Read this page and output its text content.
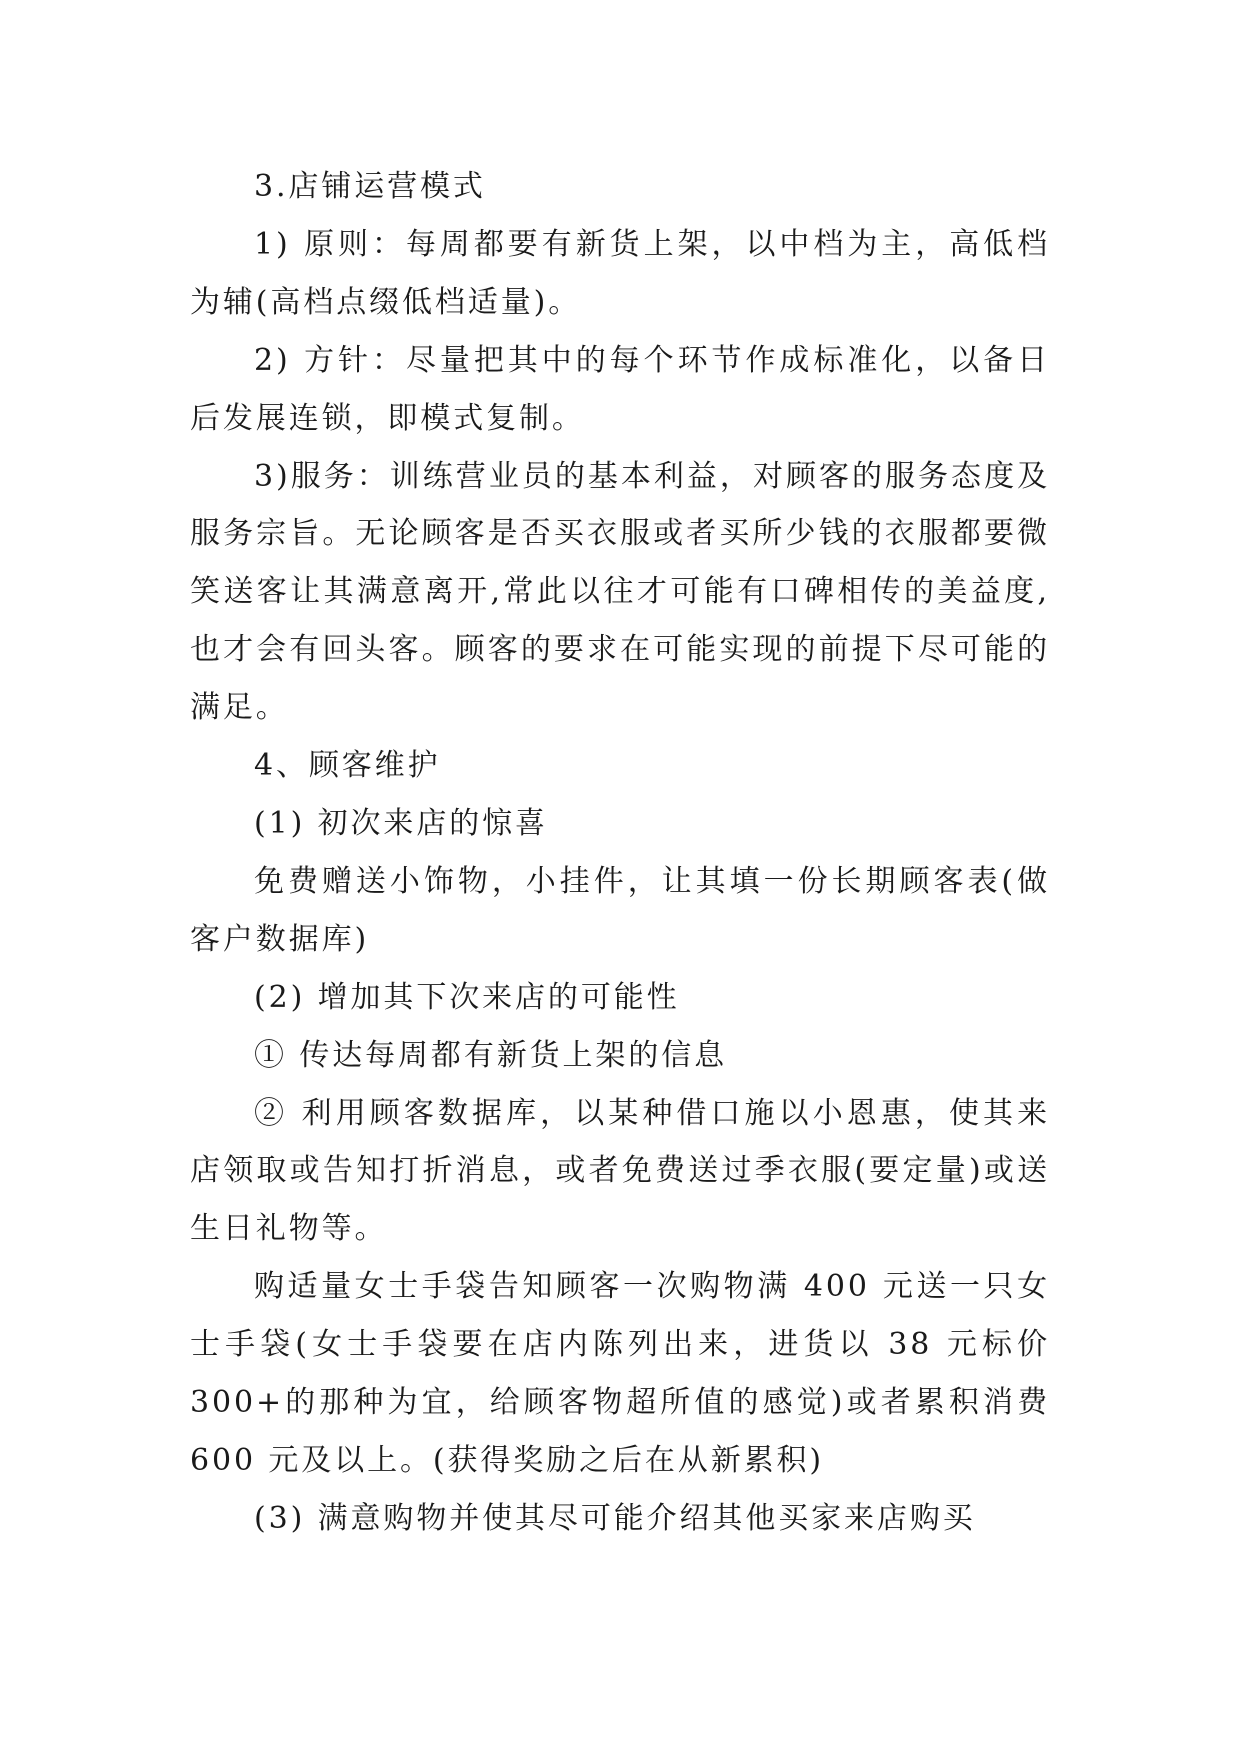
3.店铺运营模式

1) 原则：每周都要有新货上架，以中档为主，高低档为辅(高档点缀低档适量)。

2) 方针：尽量把其中的每个环节作成标准化，以备日后发展连锁，即模式复制。

3)服务：训练营业员的基本利益，对顾客的服务态度及服务宗旨。无论顾客是否买衣服或者买所少钱的衣服都要微笑送客让其满意离开,常此以往才可能有口碑相传的美益度,也才会有回头客。顾客的要求在可能实现的前提下尽可能的满足。

4、顾客维护

(1) 初次来店的惊喜

免费赠送小饰物，小挂件，让其填一份长期顾客表(做客户数据库)

(2) 增加其下次来店的可能性

① 传达每周都有新货上架的信息

② 利用顾客数据库，以某种借口施以小恩惠，使其来店领取或告知打折消息，或者免费送过季衣服(要定量)或送生日礼物等。

购适量女士手袋告知顾客一次购物满 400 元送一只女士手袋(女士手袋要在店内陈列出来，进货以 38 元标价 300+的那种为宜，给顾客物超所值的感觉)或者累积消费 600 元及以上。(获得奖励之后在从新累积)

(3) 满意购物并使其尽可能介绍其他买家来店购买
